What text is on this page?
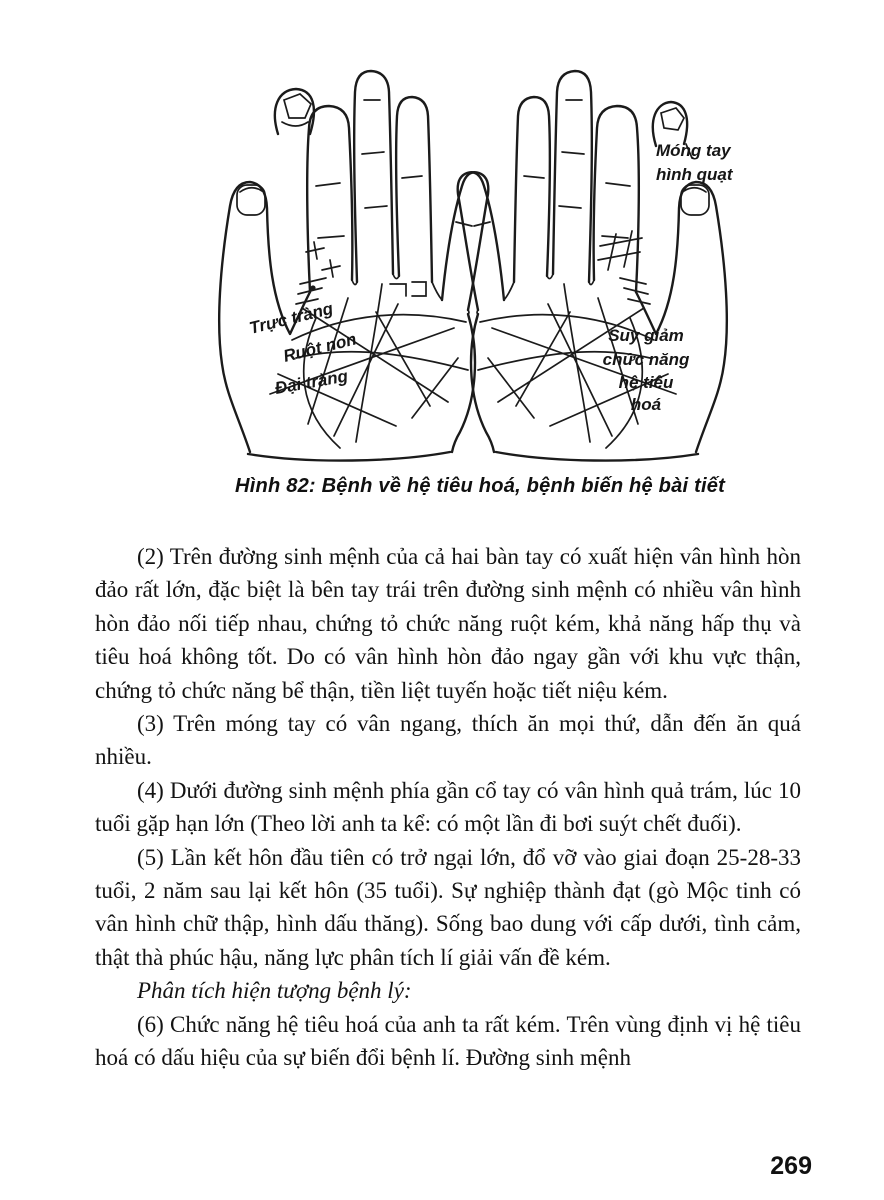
Móng tay
hình quạt
Trực tràng
Ruột non
Đại tràng
Suy giảm
chức năng
hệ tiêu
hoá
Hình 82: Bệnh về hệ tiêu hoá, bệnh biến hệ bài tiết

(2) Trên đường sinh mệnh của cả hai bàn tay có xuất hiện vân hình hòn đảo rất lớn, đặc biệt là bên tay trái trên đường sinh mệnh có nhiều vân hình hòn đảo nối tiếp nhau, chứng tỏ chức năng ruột kém, khả năng hấp thụ và tiêu hoá không tốt. Do có vân hình hòn đảo ngay gần với khu vực thận, chứng tỏ chức năng bể thận, tiền liệt tuyến hoặc tiết niệu kém.

(3) Trên móng tay có vân ngang, thích ăn mọi thứ, dẫn đến ăn quá nhiều.

(4) Dưới đường sinh mệnh phía gần cổ tay có vân hình quả trám, lúc 10 tuổi gặp hạn lớn (Theo lời anh ta kể: có một lần đi bơi suýt chết đuối).

(5) Lần kết hôn đầu tiên có trở ngại lớn, đổ vỡ vào giai đoạn 25-28-33 tuổi, 2 năm sau lại kết hôn (35 tuổi). Sự nghiệp thành đạt (gò Mộc tinh có vân hình chữ thập, hình dấu thăng). Sống bao dung với cấp dưới, tình cảm, thật thà phúc hậu, năng lực phân tích lí giải vấn đề kém.

Phân tích hiện tượng bệnh lý:

(6) Chức năng hệ tiêu hoá của anh ta rất kém. Trên vùng định vị hệ tiêu hoá có dấu hiệu của sự biến đổi bệnh lí. Đường sinh mệnh

269
